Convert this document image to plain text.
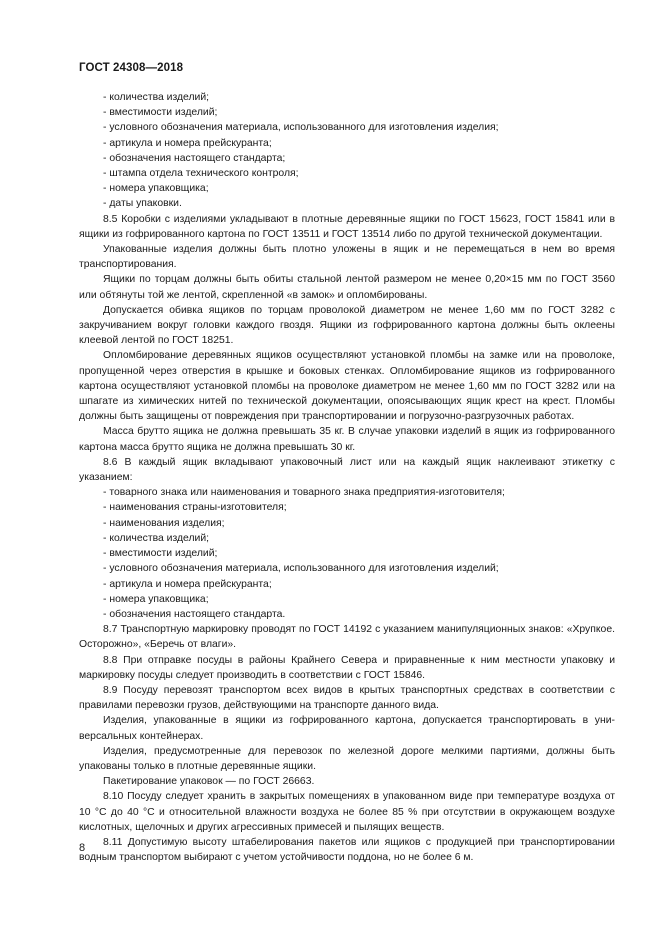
ГОСТ 24308—2018

- количества изделий;

- вместимости изделий;

- условного обозначения материала, использованного для изготовления изделия;

- артикула и номера прейскуранта;

- обозначения настоящего стандарта;

- штампа отдела технического контроля;

- номера упаковщика;

- даты упаковки.

8.5 Коробки с изделиями укладывают в плотные деревянные ящики по ГОСТ 15623, ГОСТ 15841 или в ящики из гофрированного картона по ГОСТ 13511 и ГОСТ 13514 либо по другой технической документации.

Упакованные изделия должны быть плотно уложены в ящик и не перемещаться в нем во время транспортирования.

Ящики по торцам должны быть обиты стальной лентой размером не менее 0,20×15 мм по ГОСТ 3560 или обтянуты той же лентой, скрепленной «в замок» и опломбированы.

Допускается обивка ящиков по торцам проволокой диаметром не менее 1,60 мм по ГОСТ 3282 с закручиванием вокруг головки каждого гвоздя. Ящики из гофрированного картона должны быть оклеены клеевой лентой по ГОСТ 18251.

Опломбирование деревянных ящиков осуществляют установкой пломбы на замке или на проволоке, пропущенной через отверстия в крышке и боковых стенках. Опломбирование ящиков из гофрированного картона осуществляют установкой пломбы на проволоке диаметром не менее 1,60 мм по ГОСТ 3282 или на шпагате из химических нитей по технической документации, опоясывающих ящик крест на крест. Пломбы должны быть защищены от повреждения при транспортировании и погрузочно-разгрузочных работах.

Масса брутто ящика не должна превышать 35 кг. В случае упаковки изделий в ящик из гофрированного картона масса брутто ящика не должна превышать 30 кг.

8.6 В каждый ящик вкладывают упаковочный лист или на каждый ящик наклеивают этикетку с указанием:

- товарного знака или наименования и товарного знака предприятия-изготовителя;

- наименования страны-изготовителя;

- наименования изделия;

- количества изделий;

- вместимости изделий;

- условного обозначения материала, использованного для изготовления изделий;

- артикула и номера прейскуранта;

- номера упаковщика;

- обозначения настоящего стандарта.

8.7 Транспортную маркировку проводят по ГОСТ 14192 с указанием манипуляционных знаков: «Хрупкое. Осторожно», «Беречь от влаги».

8.8 При отправке посуды в районы Крайнего Севера и приравненные к ним местности упаковку и маркировку посуды следует производить в соответствии с ГОСТ 15846.

8.9 Посуду перевозят транспортом всех видов в крытых транспортных средствах в соответствии с правилами перевозки грузов, действующими на транспорте данного вида.

Изделия, упакованные в ящики из гофрированного картона, допускается транспортировать в универсальных контейнерах.

Изделия, предусмотренные для перевозок по железной дороге мелкими партиями, должны быть упакованы только в плотные деревянные ящики.

Пакетирование упаковок — по ГОСТ 26663.

8.10 Посуду следует хранить в закрытых помещениях в упакованном виде при температуре воздуха от 10 °С до 40 °С и относительной влажности воздуха не более 85 % при отсутствии в окружающем воздухе кислотных, щелочных и других агрессивных примесей и пылящих веществ.

8.11 Допустимую высоту штабелирования пакетов или ящиков с продукцией при транспортировании водным транспортом выбирают с учетом устойчивости поддона, но не более 6 м.

8
